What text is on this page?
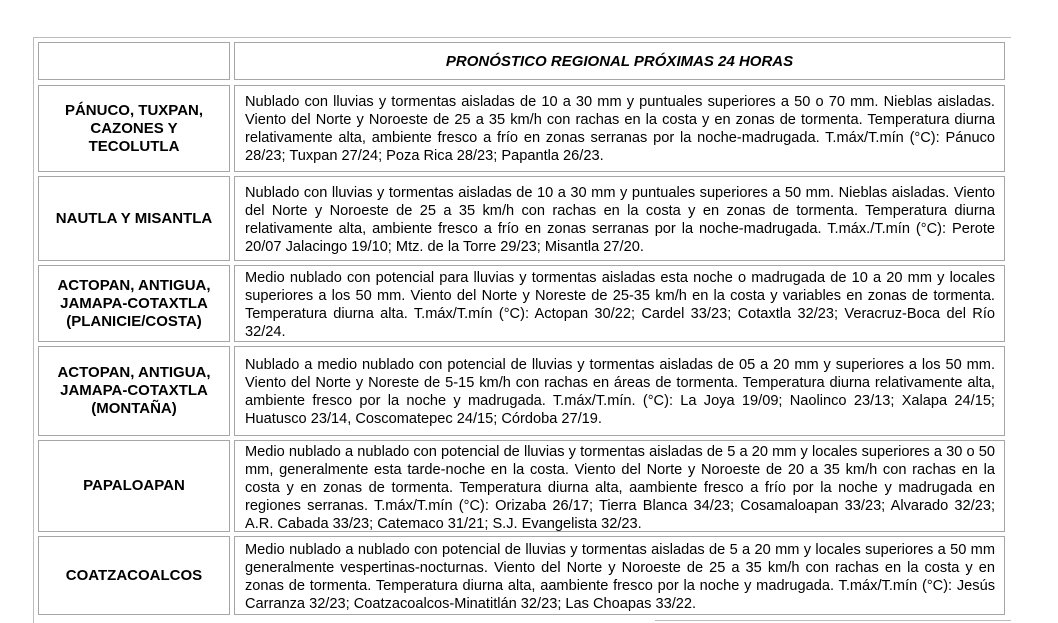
PRONÓSTICO REGIONAL PRÓXIMAS 24 HORAS
PÁNUCO, TUXPAN, CAZONES Y TECOLUTLA
Nublado con lluvias y tormentas aisladas de 10 a 30 mm y puntuales superiores a 50 o 70 mm. Nieblas aisladas. Viento del Norte y Noroeste de 25 a 35 km/h con rachas en la costa y en zonas de tormenta. Temperatura diurna relativamente alta, ambiente fresco a frío en zonas serranas por la noche-madrugada. T.máx/T.mín (°C): Pánuco 28/23; Tuxpan 27/24; Poza Rica 28/23; Papantla 26/23.
NAUTLA Y MISANTLA
Nublado con lluvias y tormentas aisladas de 10 a 30 mm y puntuales superiores a 50 mm. Nieblas aisladas. Viento del Norte y Noroeste de 25 a 35 km/h con rachas en la costa y en zonas de tormenta. Temperatura diurna relativamente alta, ambiente fresco a frío en zonas serranas por la noche-madrugada. T.máx./T.mín (°C): Perote 20/07 Jalacingo 19/10; Mtz. de la Torre 29/23; Misantla 27/20.
ACTOPAN, ANTIGUA, JAMAPA-COTAXTLA (PLANICIE/COSTA)
Medio nublado con potencial para lluvias y tormentas aisladas esta noche o madrugada de 10 a 20 mm y locales superiores a los 50 mm. Viento del Norte y Noreste de 25-35 km/h en la costa y variables en zonas de tormenta. Temperatura diurna alta. T.máx/T.mín (°C): Actopan 30/22; Cardel 33/23; Cotaxtla 32/23; Veracruz-Boca del Río 32/24.
ACTOPAN, ANTIGUA, JAMAPA-COTAXTLA (MONTAÑA)
Nublado a medio nublado con potencial de lluvias y tormentas aisladas de 05 a 20 mm y superiores a los 50 mm. Viento del Norte y Noreste de 5-15 km/h con rachas en áreas de tormenta. Temperatura diurna relativamente alta, ambiente fresco por la noche y madrugada. T.máx/T.mín. (°C): La Joya 19/09; Naolinco 23/13; Xalapa 24/15; Huatusco 23/14, Coscomatepec 24/15; Córdoba 27/19.
PAPALOAPAN
Medio nublado a nublado con potencial de lluvias y tormentas aisladas de 5 a 20 mm y locales superiores a 30 o 50 mm, generalmente esta tarde-noche en la costa. Viento del Norte y Noroeste de 20 a 35 km/h con rachas en la costa y en zonas de tormenta. Temperatura diurna alta, aambiente fresco a frío por la noche y madrugada en regiones serranas. T.máx/T.mín (°C): Orizaba 26/17; Tierra Blanca 34/23; Cosamaloapan 33/23; Alvarado 32/23; A.R. Cabada 33/23; Catemaco 31/21; S.J. Evangelista 32/23.
COATZACOALCOS
Medio nublado a nublado con potencial de lluvias y tormentas aisladas de 5 a 20 mm y locales superiores a 50 mm generalmente vespertinas-nocturnas. Viento del Norte y Noroeste de 25 a 35 km/h con rachas en la costa y en zonas de tormenta. Temperatura diurna alta, aambiente fresco por la noche y madrugada. T.máx/T.mín (°C): Jesús Carranza 32/23; Coatzacoalcos-Minatitlán 32/23; Las Choapas 33/22.
